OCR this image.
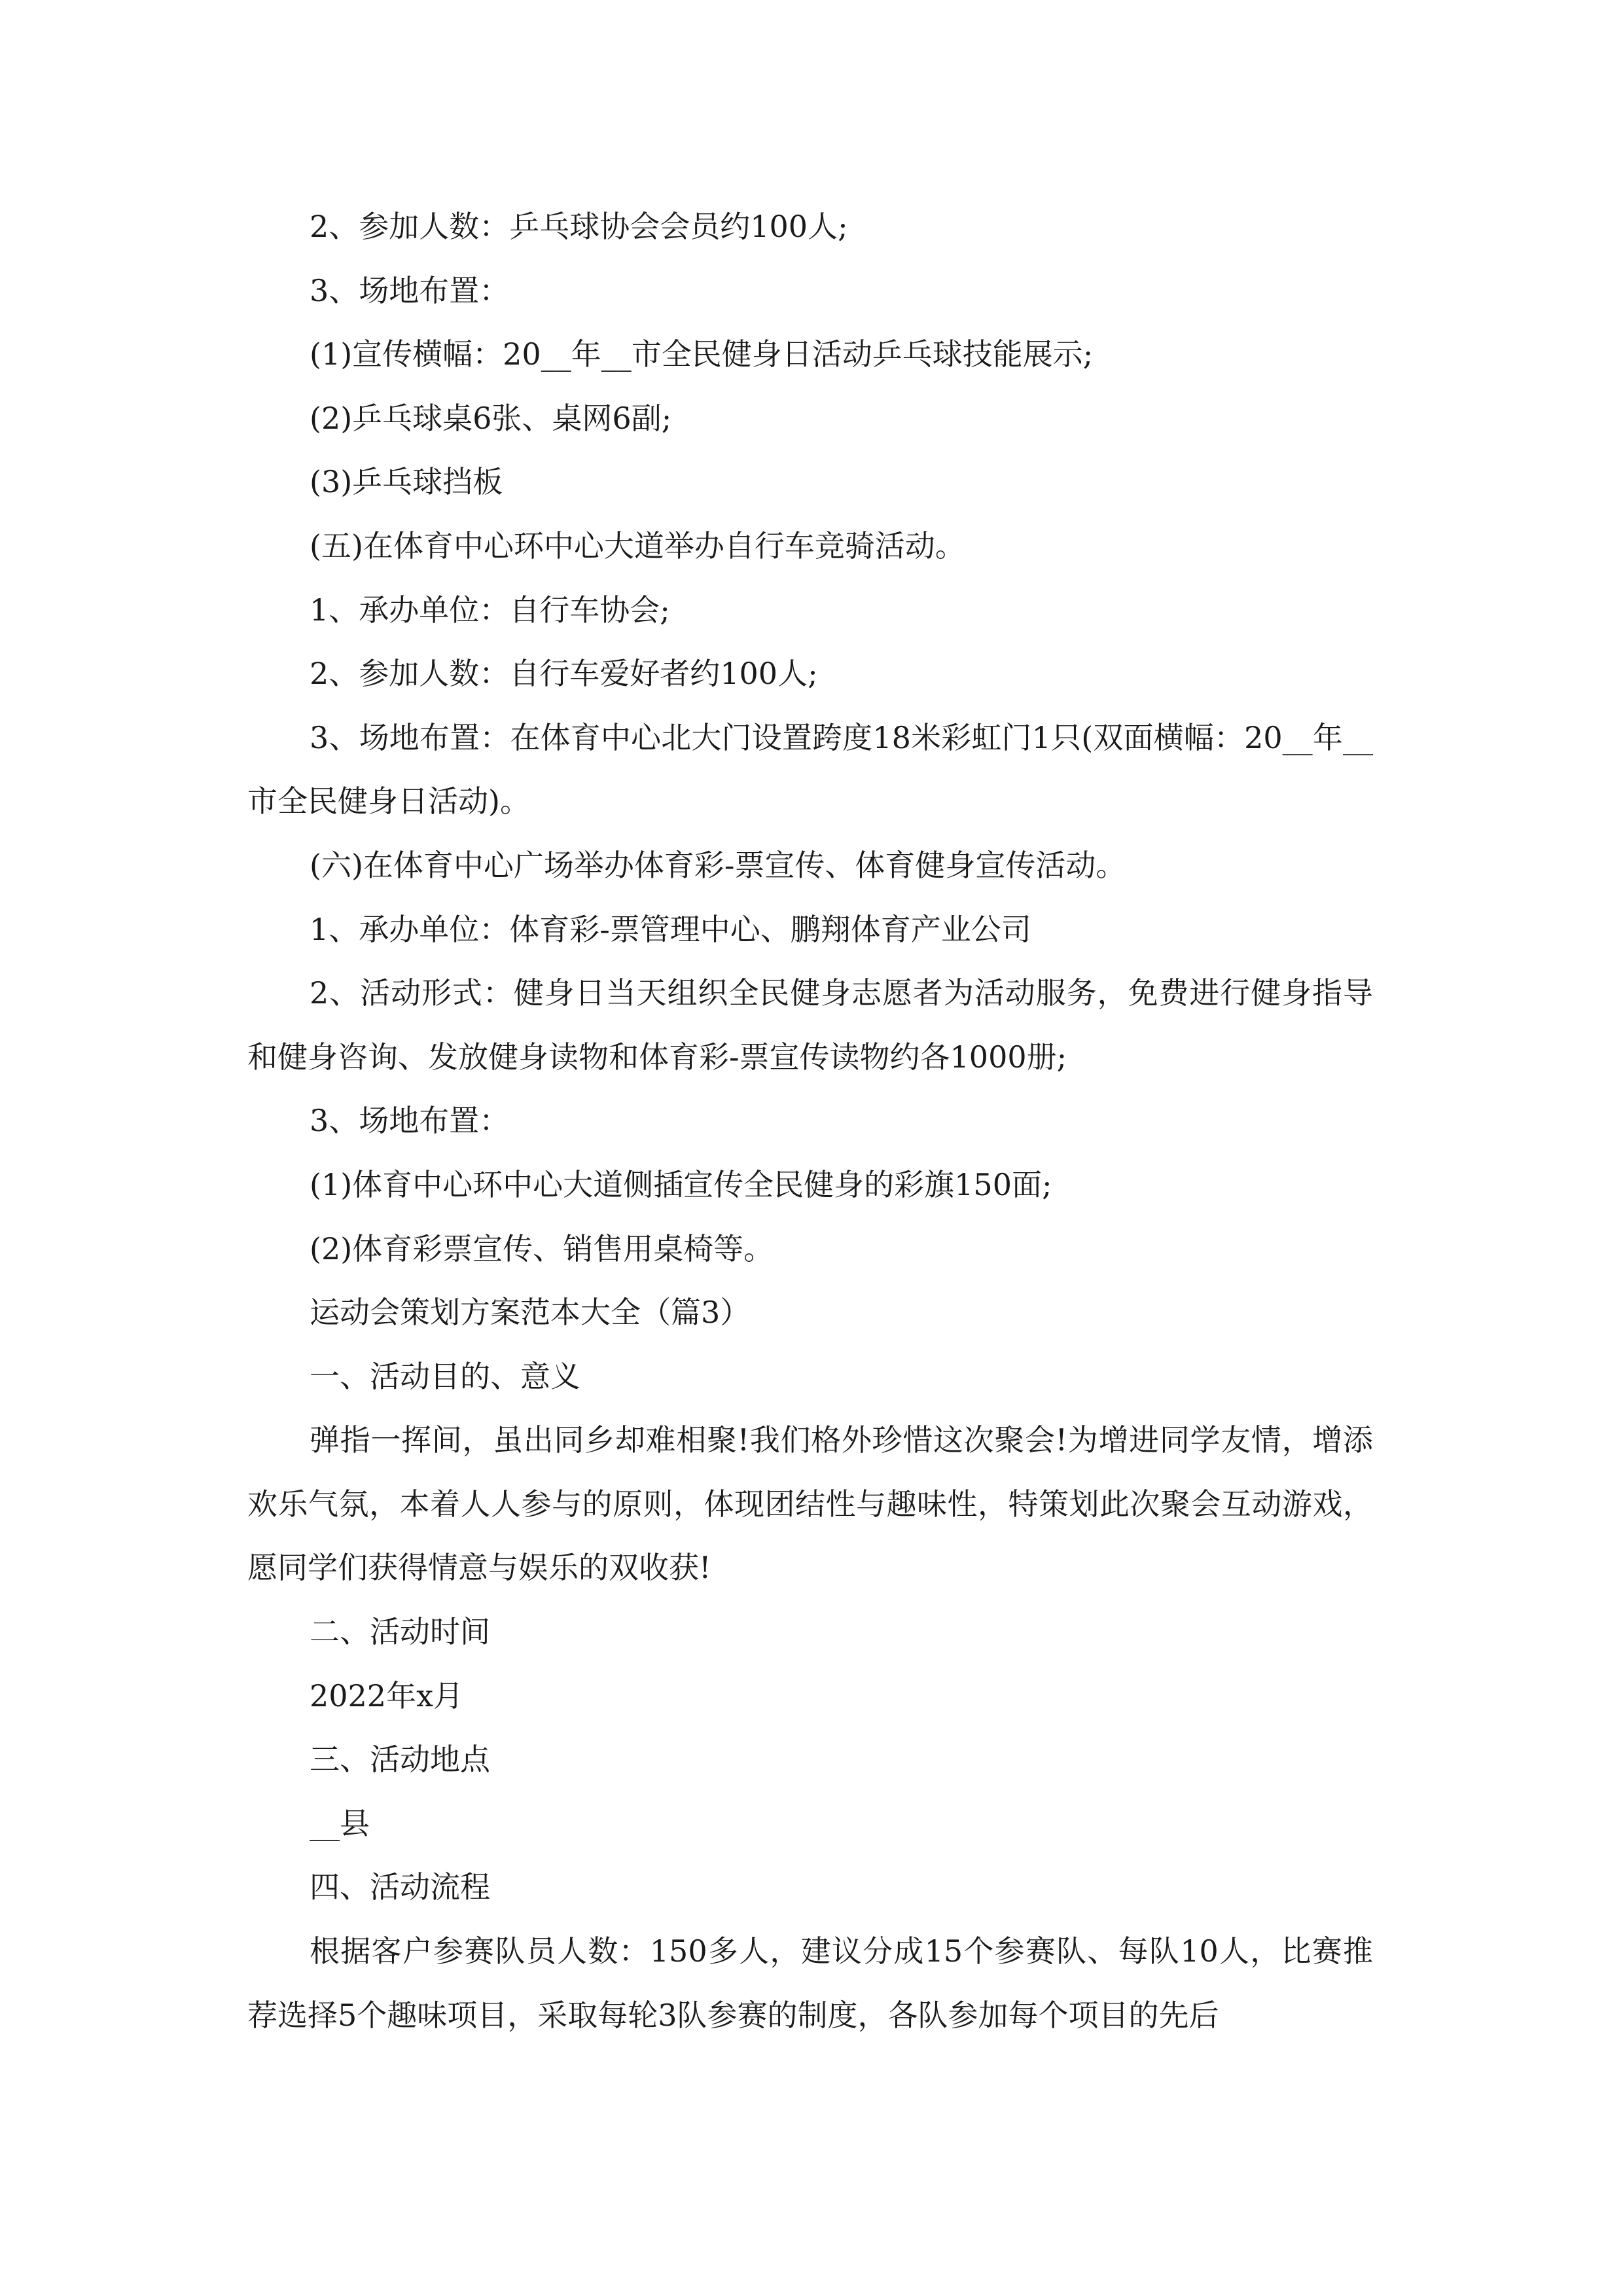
2、参加人数：乒乓球协会会员约100人;

3、场地布置：

(1)宣传横幅：20__年__市全民健身日活动乒乓球技能展示;

(2)乒乓球桌6张、桌网6副;

(3)乒乓球挡板

(五)在体育中心环中心大道举办自行车竞骑活动。

1、承办单位：自行车协会;

2、参加人数：自行车爱好者约100人;

3、场地布置：在体育中心北大门设置跨度18米彩虹门1只(双面横幅：20__年__市全民健身日活动)。

(六)在体育中心广场举办体育彩-票宣传、体育健身宣传活动。

1、承办单位：体育彩-票管理中心、鹏翔体育产业公司

2、活动形式：健身日当天组织全民健身志愿者为活动服务，免费进行健身指导和健身咨询、发放健身读物和体育彩-票宣传读物约各1000册;

3、场地布置：

(1)体育中心环中心大道侧插宣传全民健身的彩旗150面;

(2)体育彩票宣传、销售用桌椅等。

运动会策划方案范本大全（篇3）

一、活动目的、意义

弹指一挥间，虽出同乡却难相聚!我们格外珍惜这次聚会!为增进同学友情，增添欢乐气氛，本着人人参与的原则，体现团结性与趣味性，特策划此次聚会互动游戏，愿同学们获得情意与娱乐的双收获!

二、活动时间

2022年x月

三、活动地点

__县

四、活动流程

根据客户参赛队员人数：150多人，建议分成15个参赛队、每队10人，比赛推荐选择5个趣味项目，采取每轮3队参赛的制度，各队参加每个项目的先后
